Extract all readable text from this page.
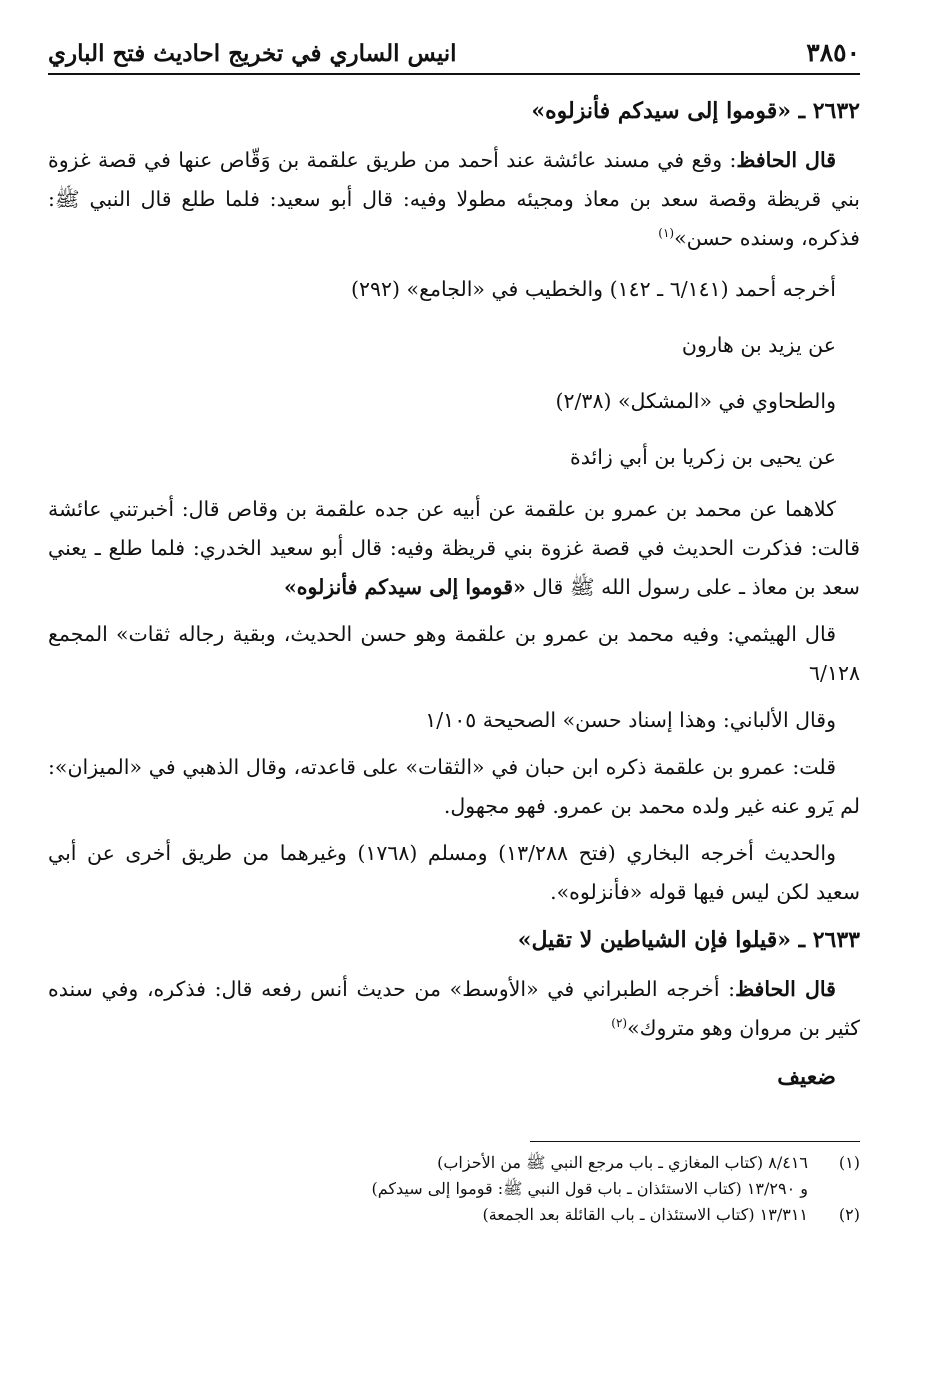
٣٨٥٠
انيس الساري في تخريج احاديث فتح الباري
٢٦٣٢ ـ «قوموا إلى سيدكم فأنزلوه»

قال الحافظ: وقع في مسند عائشة عند أحمد من طريق علقمة بن وَقّاص عنها في قصة غزوة بني قريظة وقصة سعد بن معاذ ومجيئه مطولا وفيه: قال أبو سعيد: فلما طلع قال النبي ﷺ: فذكره، وسنده حسن»$^{(١)}$

أخرجه أحمد (٦/١٤١ ـ ١٤٢) والخطيب في «الجامع» (٢٩٢)

عن يزيد بن هارون

والطحاوي في «المشكل» (٢/٣٨)

عن يحيى بن زكريا بن أبي زائدة

كلاهما عن محمد بن عمرو بن علقمة عن أبيه عن جده علقمة بن وقاص قال: أخبرتني عائشة قالت: فذكرت الحديث في قصة غزوة بني قريظة وفيه: قال أبو سعيد الخدري: فلما طلع ـ يعني سعد بن معاذ ـ على رسول الله ﷺ قال «قوموا إلى سيدكم فأنزلوه»

قال الهيثمي: وفيه محمد بن عمرو بن علقمة وهو حسن الحديث، وبقية رجاله ثقات» المجمع ٦/١٢٨

وقال الألباني: وهذا إسناد حسن» الصحيحة ١/١٠٥

قلت: عمرو بن علقمة ذكره ابن حبان في «الثقات» على قاعدته، وقال الذهبي في «الميزان»: لم يَرو عنه غير ولده محمد بن عمرو. فهو مجهول.

والحديث أخرجه البخاري (فتح ١٣/٢٨٨) ومسلم (١٧٦٨) وغيرهما من طريق أخرى عن أبي سعيد لكن ليس فيها قوله «فأنزلوه».

٢٦٣٣ ـ «قيلوا فإن الشياطين لا تقيل»

قال الحافظ: أخرجه الطبراني في «الأوسط» من حديث أنس رفعه قال: فذكره، وفي سنده كثير بن مروان وهو متروك»$^{(٢)}$

ضعيف

(١)
٨/٤١٦ (كتاب المغازي ـ باب مرجع النبي ﷺ من الأحزاب)
و ١٣/٢٩٠ (كتاب الاستئذان ـ باب قول النبي ﷺ: قوموا إلى سيدكم)
(٢)
١٣/٣١١ (كتاب الاستئذان ـ باب القائلة بعد الجمعة)
